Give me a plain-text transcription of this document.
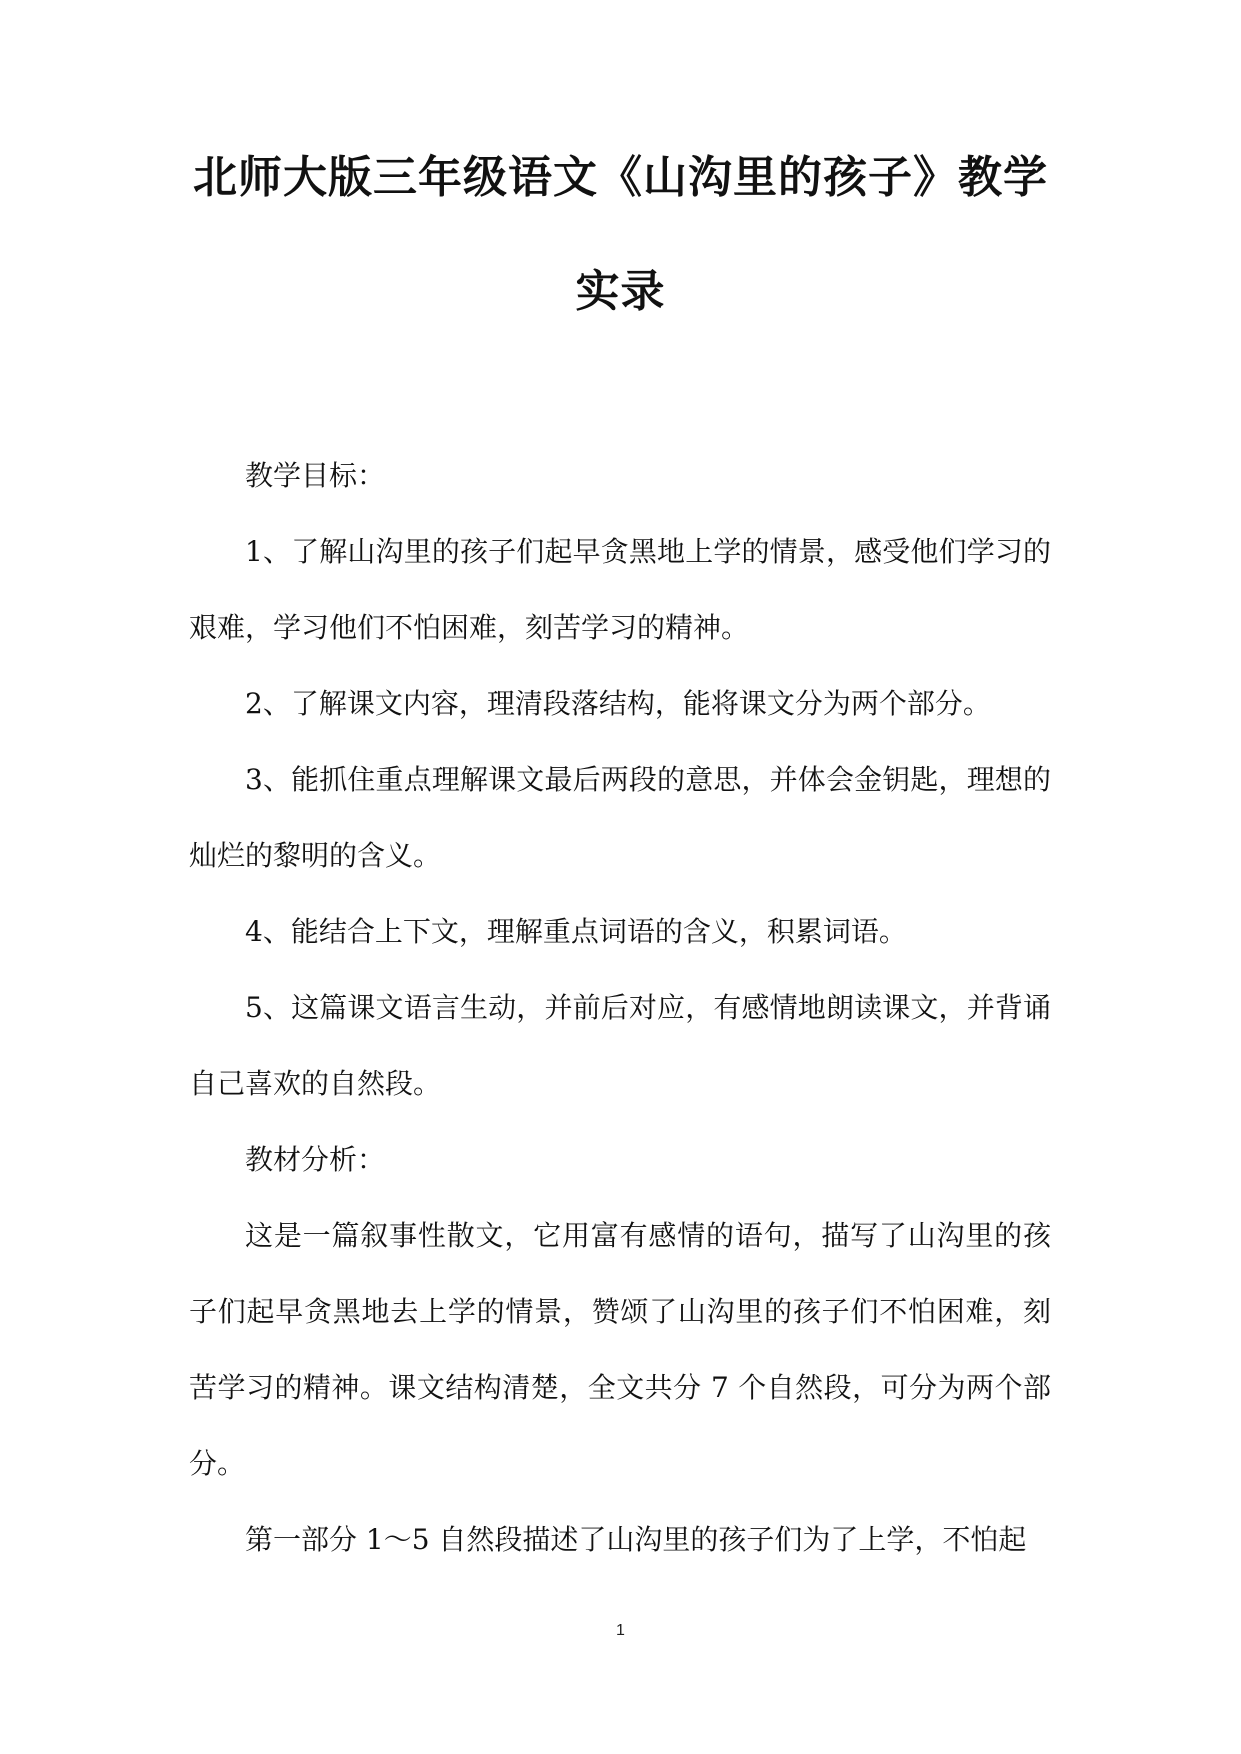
北师大版三年级语文《山沟里的孩子》教学
实录

教学目标：

1、了解山沟里的孩子们起早贪黑地上学的情景，感受他们学习的艰难，学习他们不怕困难，刻苦学习的精神。

2、了解课文内容，理清段落结构，能将课文分为两个部分。

3、能抓住重点理解课文最后两段的意思，并体会金钥匙，理想的灿烂的黎明的含义。

4、能结合上下文，理解重点词语的含义，积累词语。

5、这篇课文语言生动，并前后对应，有感情地朗读课文，并背诵自己喜欢的自然段。

教材分析：

这是一篇叙事性散文，它用富有感情的语句，描写了山沟里的孩子们起早贪黑地去上学的情景，赞颂了山沟里的孩子们不怕困难，刻苦学习的精神。课文结构清楚，全文共分 7 个自然段，可分为两个部分。

第一部分 1～5 自然段描述了山沟里的孩子们为了上学，不怕起

1
